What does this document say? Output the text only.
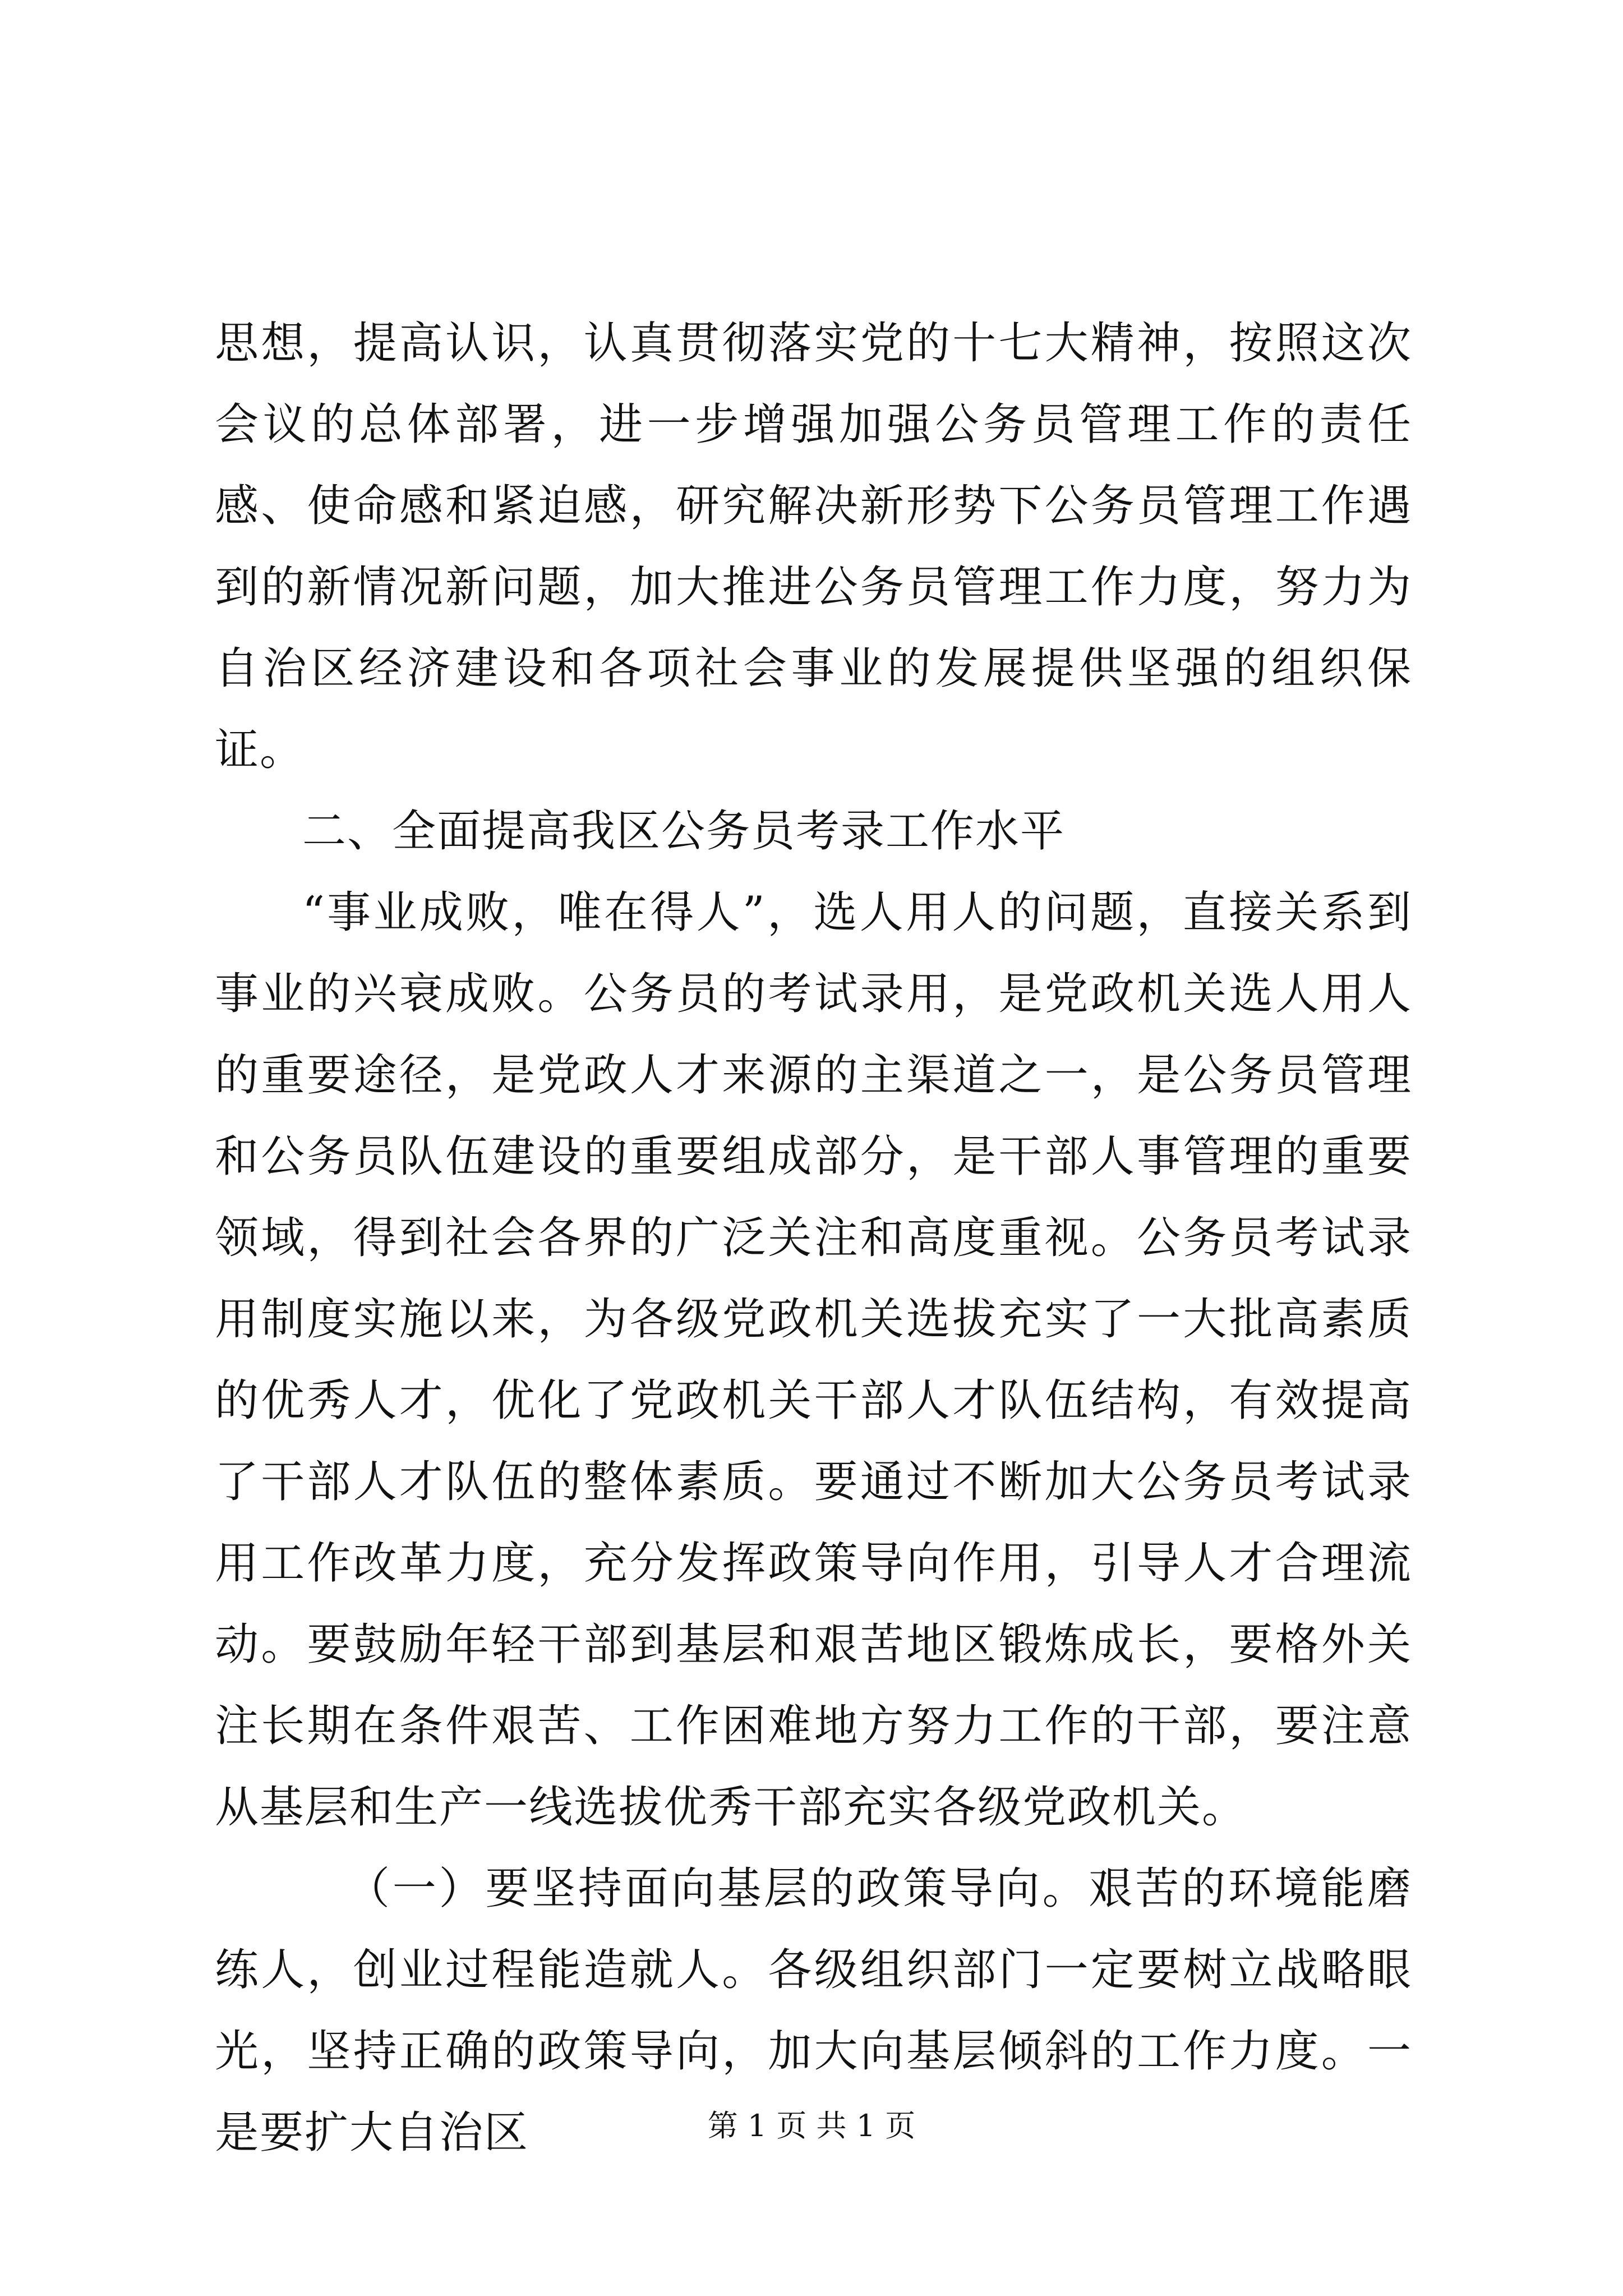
思想，提高认识，认真贯彻落实党的十七大精神，按照这次会议的总体部署，进一步增强加强公务员管理工作的责任感、使命感和紧迫感，研究解决新形势下公务员管理工作遇到的新情况新问题，加大推进公务员管理工作力度，努力为自治区经济建设和各项社会事业的发展提供坚强的组织保证。

二、全面提高我区公务员考录工作水平

“事业成败，唯在得人”，选人用人的问题，直接关系到事业的兴衰成败。公务员的考试录用，是党政机关选人用人的重要途径，是党政人才来源的主渠道之一，是公务员管理和公务员队伍建设的重要组成部分，是干部人事管理的重要领域，得到社会各界的广泛关注和高度重视。公务员考试录用制度实施以来，为各级党政机关选拔充实了一大批高素质的优秀人才，优化了党政机关干部人才队伍结构，有效提高了干部人才队伍的整体素质。要通过不断加大公务员考试录用工作改革力度，充分发挥政策导向作用，引导人才合理流动。要鼓励年轻干部到基层和艰苦地区锻炼成长，要格外关注长期在条件艰苦、工作困难地方努力工作的干部，要注意从基层和生产一线选拔优秀干部充实各级党政机关。

（一）要坚持面向基层的政策导向。艰苦的环境能磨练人，创业过程能造就人。各级组织部门一定要树立战略眼光，坚持正确的政策导向，加大向基层倾斜的工作力度。一是要扩大自治区	第 1 页 共 1 页
